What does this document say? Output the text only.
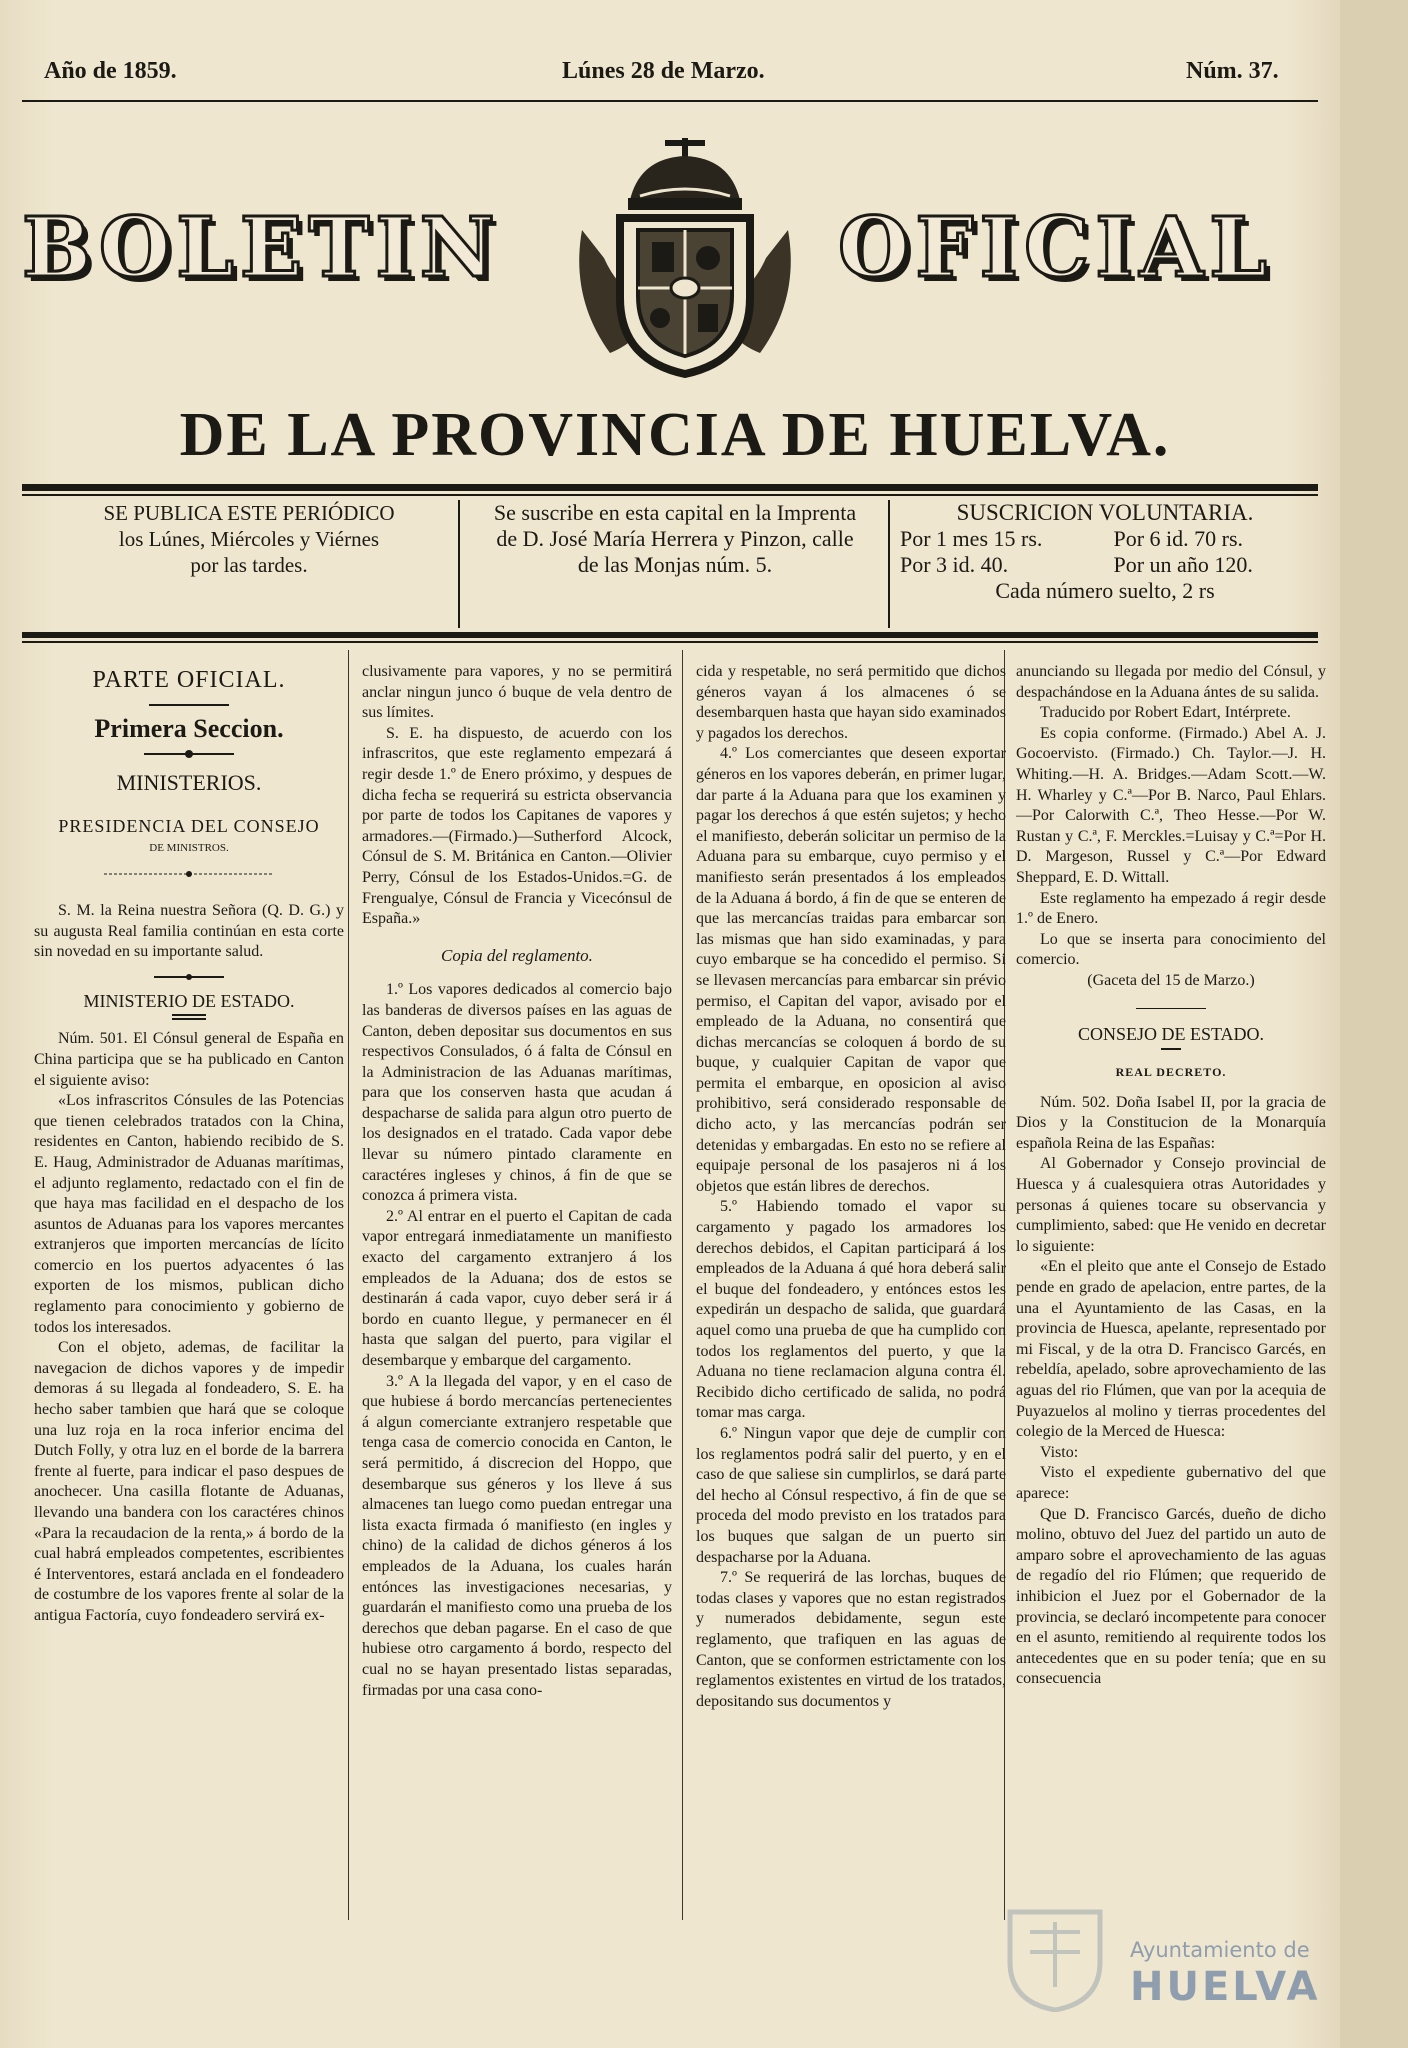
Año de 1859.	Lúnes 28 de Marzo.	Núm. 37.
BOLETIN	OFICIAL
DE LA PROVINCIA DE HUELVA.

SE PUBLICA ESTE PERIÓDICO

los Lúnes, Miércoles y Viérnes

por las tardes.

Se suscribe en esta capital en la Imprenta

de D. José María Herrera y Pinzon, calle

de las Monjas núm. 5.

SUSCRICION VOLUNTARIA.

Por 1 mes 15 rs.	Por 6 id. 70 rs.

Por 3 id. 40.	Por un año 120.

Cada número suelto, 2 rs

PARTE OFICIAL.

Primera Seccion.

MINISTERIOS.

PRESIDENCIA DEL CONSEJO

DE MINISTROS.

S. M. la Reina nuestra Señora (Q. D. G.) y su augusta Real familia continúan en esta corte sin novedad en su importante salud.

MINISTERIO DE ESTADO.

Núm. 501. El Cónsul general de España en China participa que se ha publicado en Canton el siguiente aviso:

«Los infrascritos Cónsules de las Potencias que tienen celebrados tratados con la China, residentes en Canton, habiendo recibido de S. E. Haug, Administrador de Aduanas marítimas, el adjunto reglamento, redactado con el fin de que haya mas facilidad en el despacho de los asuntos de Aduanas para los vapores mercantes extranjeros que importen mercancías de lícito comercio en los puertos adyacentes ó las exporten de los mismos, publican dicho reglamento para conocimiento y gobierno de todos los interesados.

Con el objeto, ademas, de facilitar la navegacion de dichos vapores y de impedir demoras á su llegada al fondeadero, S. E. ha hecho saber tambien que hará que se coloque una luz roja en la roca inferior encima del Dutch Folly, y otra luz en el borde de la barrera frente al fuerte, para indicar el paso despues de anochecer. Una casilla flotante de Aduanas, llevando una bandera con los caractéres chinos «Para la recaudacion de la renta,» á bordo de la cual habrá empleados competentes, escribientes é Interventores, estará anclada en el fondeadero de costumbre de los vapores frente al solar de la antigua Factoría, cuyo fondeadero servirá ex-

clusivamente para vapores, y no se permitirá anclar ningun junco ó buque de vela dentro de sus límites.

S. E. ha dispuesto, de acuerdo con los infrascritos, que este reglamento empezará á regir desde 1.º de Enero próximo, y despues de dicha fecha se requerirá su estricta observancia por parte de todos los Capitanes de vapores y armadores.—(Firmado.)—Sutherford Alcock, Cónsul de S. M. Británica en Canton.—Olivier Perry, Cónsul de los Estados-Unidos.=G. de Frengualye, Cónsul de Francia y Vicecónsul de España.»

Copia del reglamento.

1.º Los vapores dedicados al comercio bajo las banderas de diversos países en las aguas de Canton, deben depositar sus documentos en sus respectivos Consulados, ó á falta de Cónsul en la Administracion de las Aduanas marítimas, para que los conserven hasta que acudan á despacharse de salida para algun otro puerto de los designados en el tratado. Cada vapor debe llevar su número pintado claramente en caractéres ingleses y chinos, á fin de que se conozca á primera vista.

2.º Al entrar en el puerto el Capitan de cada vapor entregará inmediatamente un manifiesto exacto del cargamento extranjero á los empleados de la Aduana; dos de estos se destinarán á cada vapor, cuyo deber será ir á bordo en cuanto llegue, y permanecer en él hasta que salgan del puerto, para vigilar el desembarque y embarque del cargamento.

3.º A la llegada del vapor, y en el caso de que hubiese á bordo mercancías pertenecientes á algun comerciante extranjero respetable que tenga casa de comercio conocida en Canton, le será permitido, á discrecion del Hoppo, que desembarque sus géneros y los lleve á sus almacenes tan luego como puedan entregar una lista exacta firmada ó manifiesto (en ingles y chino) de la calidad de dichos géneros á los empleados de la Aduana, los cuales harán entónces las investigaciones necesarias, y guardarán el manifiesto como una prueba de los derechos que deban pagarse. En el caso de que hubiese otro cargamento á bordo, respecto del cual no se hayan presentado listas separadas, firmadas por una casa cono-

cida y respetable, no será permitido que dichos géneros vayan á los almacenes ó se desembarquen hasta que hayan sido examinados y pagados los derechos.

4.º Los comerciantes que deseen exportar géneros en los vapores deberán, en primer lugar, dar parte á la Aduana para que los examinen y pagar los derechos á que estén sujetos; y hecho el manifiesto, deberán solicitar un permiso de la Aduana para su embarque, cuyo permiso y el manifiesto serán presentados á los empleados de la Aduana á bordo, á fin de que se enteren de que las mercancías traidas para embarcar son las mismas que han sido examinadas, y para cuyo embarque se ha concedido el permiso. Si se llevasen mercancías para embarcar sin prévio permiso, el Capitan del vapor, avisado por el empleado de la Aduana, no consentirá que dichas mercancías se coloquen á bordo de su buque, y cualquier Capitan de vapor que permita el embarque, en oposicion al aviso prohibitivo, será considerado responsable de dicho acto, y las mercancías podrán ser detenidas y embargadas. En esto no se refiere al equipaje personal de los pasajeros ni á los objetos que están libres de derechos.

5.º Habiendo tomado el vapor su cargamento y pagado los armadores los derechos debidos, el Capitan participará á los empleados de la Aduana á qué hora deberá salir el buque del fondeadero, y entónces estos les expedirán un despacho de salida, que guardará aquel como una prueba de que ha cumplido con todos los reglamentos del puerto, y que la Aduana no tiene reclamacion alguna contra él. Recibido dicho certificado de salida, no podrá tomar mas carga.

6.º Ningun vapor que deje de cumplir con los reglamentos podrá salir del puerto, y en el caso de que saliese sin cumplirlos, se dará parte del hecho al Cónsul respectivo, á fin de que se proceda del modo previsto en los tratados para los buques que salgan de un puerto sin despacharse por la Aduana.

7.º Se requerirá de las lorchas, buques de todas clases y vapores que no estan registrados y numerados debidamente, segun este reglamento, que trafiquen en las aguas de Canton, que se conformen estrictamente con los reglamentos existentes en virtud de los tratados, depositando sus documentos y

anunciando su llegada por medio del Cónsul, y despachándose en la Aduana ántes de su salida.

Traducido por Robert Edart, Intérprete.

Es copia conforme. (Firmado.) Abel A. J. Gocoervisto. (Firmado.) Ch. Taylor.—J. H. Whiting.—H. A. Bridges.—Adam Scott.—W. H. Wharley y C.ª—Por B. Narco, Paul Ehlars.—Por Calorwith C.ª, Theo Hesse.—Por W. Rustan y C.ª, F. Merckles.=Luisay y C.ª=Por H. D. Margeson, Russel y C.ª—Por Edward Sheppard, E. D. Wittall.

Este reglamento ha empezado á regir desde 1.º de Enero.

Lo que se inserta para conocimiento del comercio.

(Gaceta del 15 de Marzo.)

CONSEJO DE ESTADO.

REAL DECRETO.

Núm. 502. Doña Isabel II, por la gracia de Dios y la Constitucion de la Monarquía española Reina de las Españas:

Al Gobernador y Consejo provincial de Huesca y á cualesquiera otras Autoridades y personas á quienes tocare su observancia y cumplimiento, sabed: que He venido en decretar lo siguiente:

«En el pleito que ante el Consejo de Estado pende en grado de apelacion, entre partes, de la una el Ayuntamiento de las Casas, en la provincia de Huesca, apelante, representado por mi Fiscal, y de la otra D. Francisco Garcés, en rebeldía, apelado, sobre aprovechamiento de las aguas del rio Flúmen, que van por la acequia de Puyazuelos al molino y tierras procedentes del colegio de la Merced de Huesca:

Visto:

Visto el expediente gubernativo del que aparece:

Que D. Francisco Garcés, dueño de dicho molino, obtuvo del Juez del partido un auto de amparo sobre el aprovechamiento de las aguas de regadío del rio Flúmen; que requerido de inhibicion el Juez por el Gobernador de la provincia, se declaró incompetente para conocer en el asunto, remitiendo al requirente todos los antecedentes que en su poder tenía; que en su consecuencia

Ayuntamiento de
HUELVA
